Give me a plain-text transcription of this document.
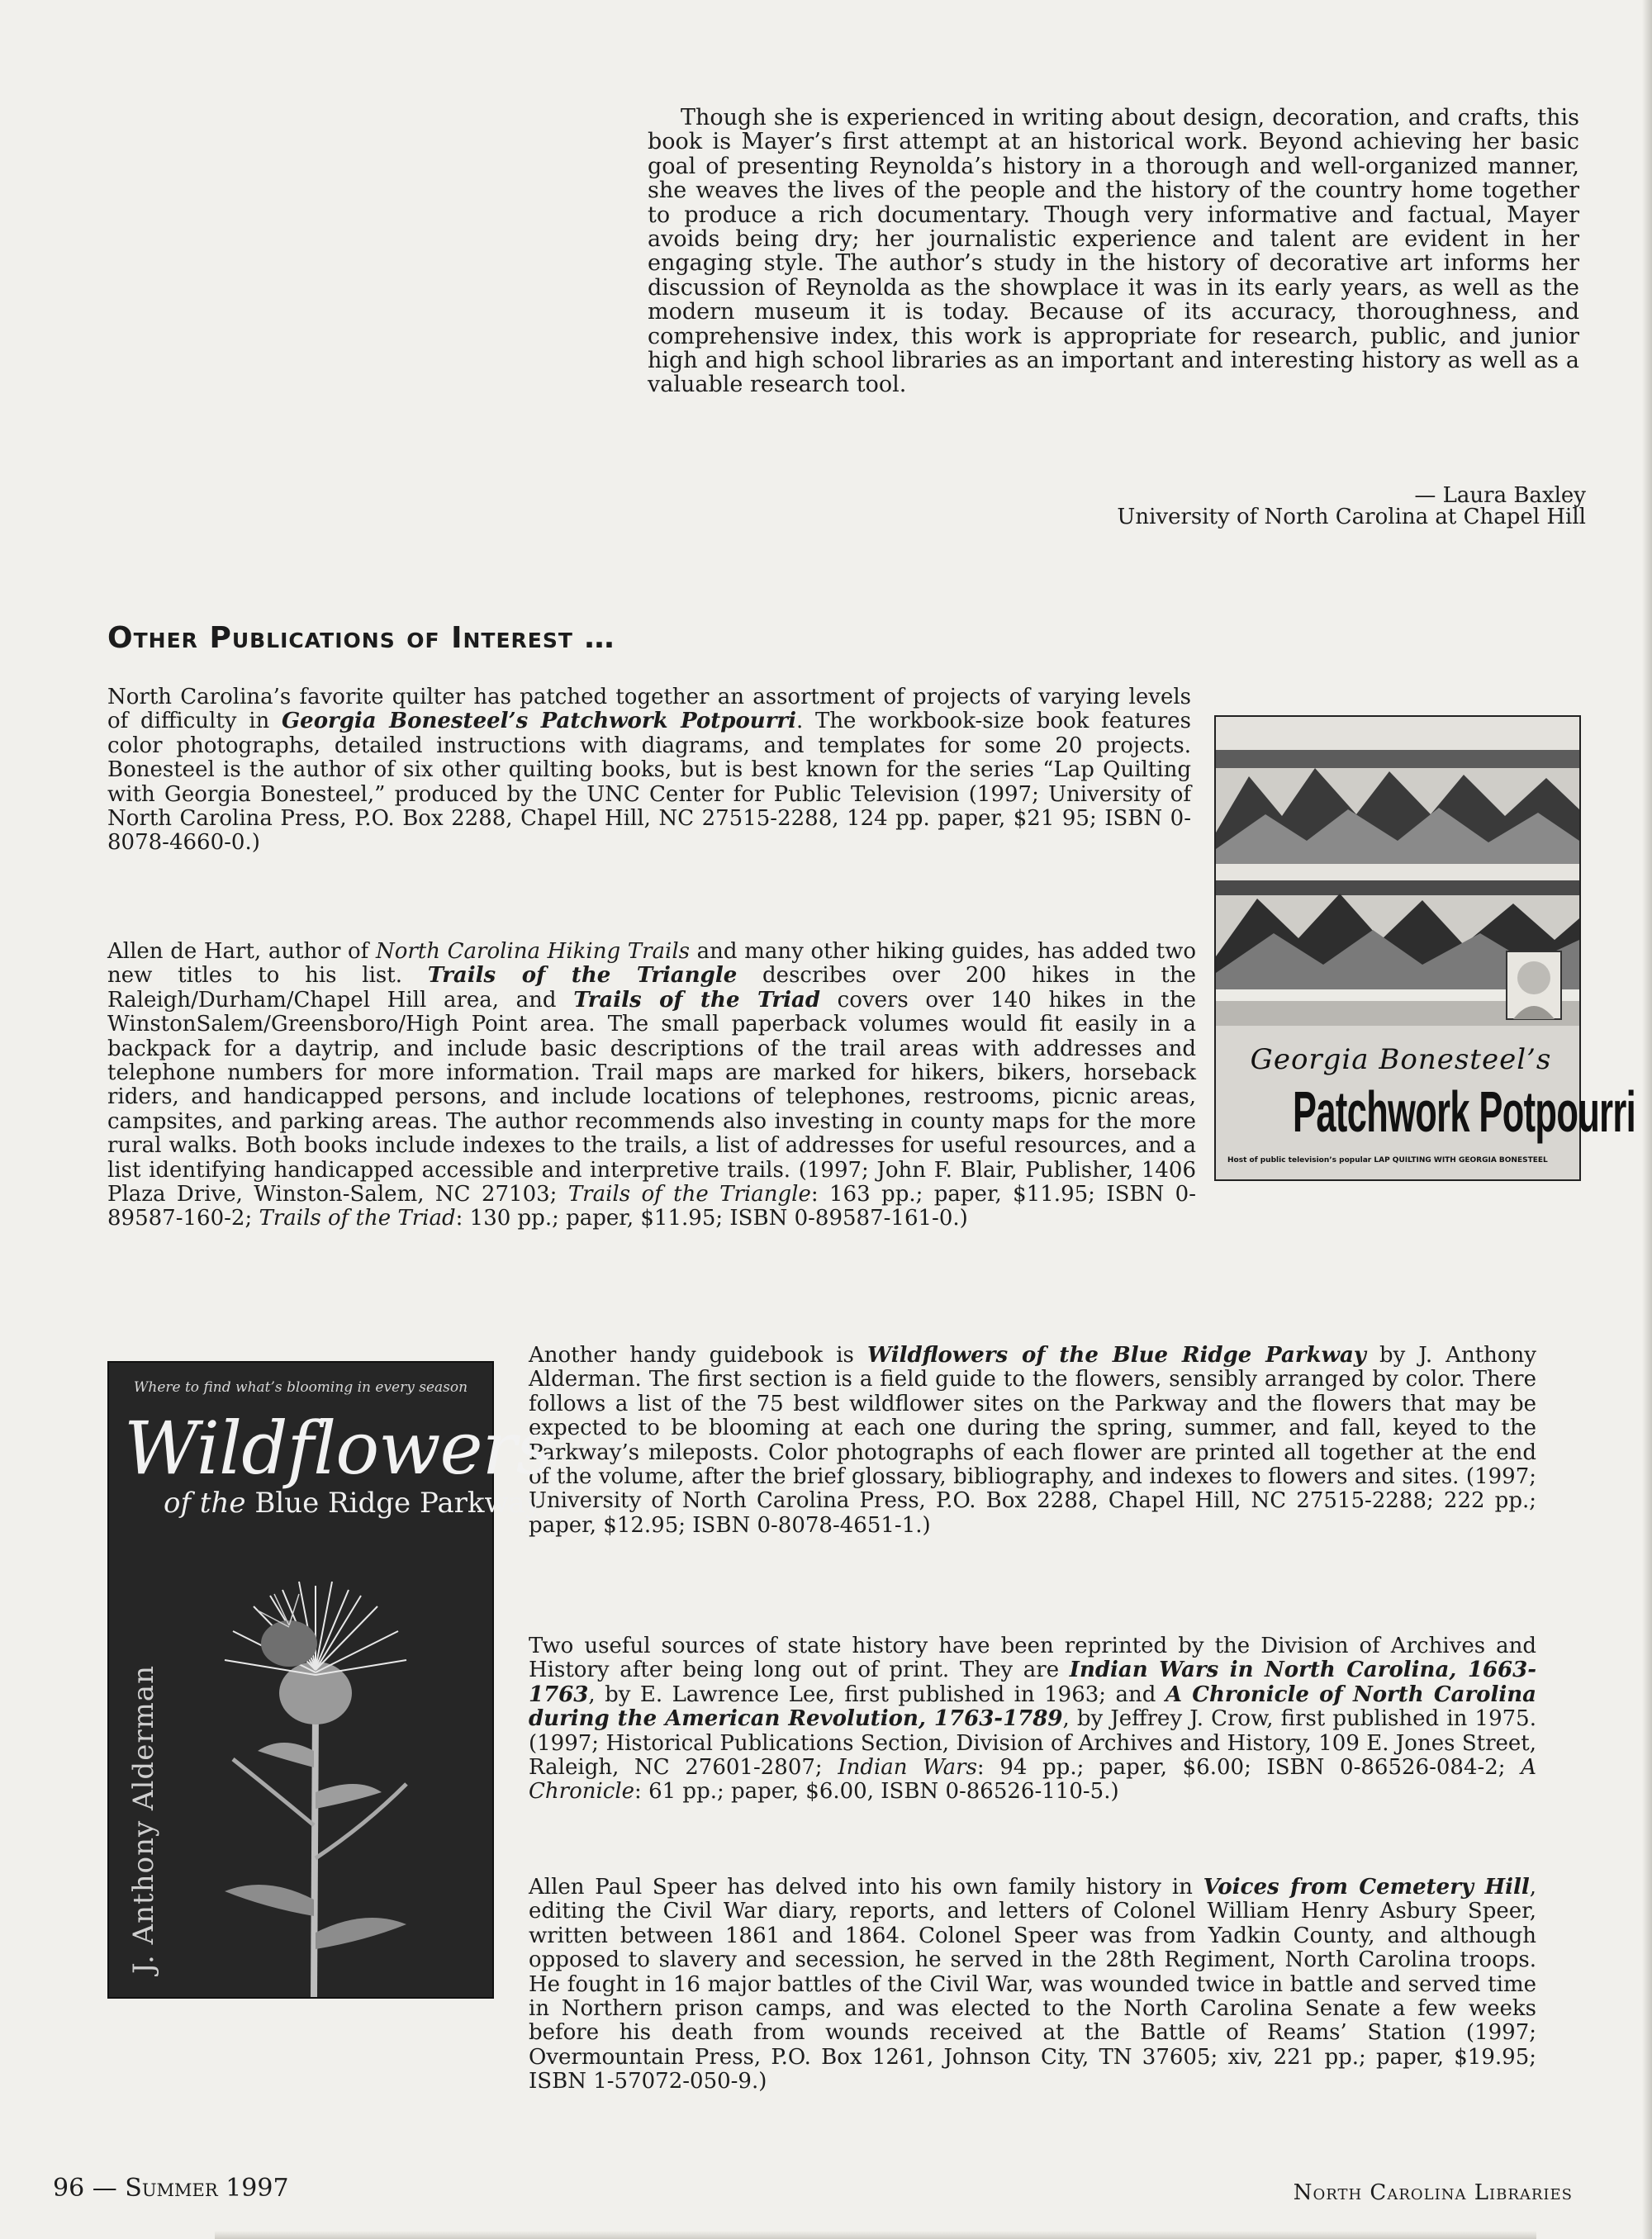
Though she is experienced in writing about design, decoration, and crafts, this book is Mayer’s first attempt at an historical work. Beyond achieving her basic goal of presenting Reynolda’s history in a thorough and well-organized manner, she weaves the lives of the people and the history of the country home together to produce a rich documentary. Though very informative and factual, Mayer avoids being dry; her journalistic experience and talent are evident in her engaging style. The author’s study in the history of decorative art informs her discussion of Reynolda as the showplace it was in its early years, as well as the modern museum it is today. Because of its accuracy, thoroughness, and comprehensive index, this work is appropriate for research, public, and junior high and high school libraries as an important and interesting history as well as a valuable research tool.

— Laura Baxley

University of North Carolina at Chapel Hill

Other Publications of Interest …

North Carolina’s favorite quilter has patched together an assortment of projects of varying levels of difficulty in Georgia Bonesteel’s Patchwork Potpourri. The workbook-size book features color photographs, detailed instructions with diagrams, and templates for some 20 projects. Bonesteel is the author of six other quilting books, but is best known for the series “Lap Quilting with Georgia Bonesteel,” produced by the UNC Center for Public Television (1997; University of North Carolina Press, P.O. Box 2288, Chapel Hill, NC 27515-2288, 124 pp. paper, $21 95; ISBN 0-8078-4660-0.)

Allen de Hart, author of North Carolina Hiking Trails and many other hiking guides, has added two new titles to his list. Trails of the Triangle describes over 200 hikes in the Raleigh/Durham/Chapel Hill area, and Trails of the Triad covers over 140 hikes in the WinstonSalem/Greensboro/High Point area. The small paperback volumes would fit easily in a backpack for a daytrip, and include basic descriptions of the trail areas with addresses and telephone numbers for more information. Trail maps are marked for hikers, bikers, horseback riders, and handicapped persons, and include locations of telephones, restrooms, picnic areas, campsites, and parking areas. The author recommends also investing in county maps for the more rural walks. Both books include indexes to the trails, a list of addresses for useful resources, and a list identifying handicapped accessible and interpretive trails. (1997; John F. Blair, Publisher, 1406 Plaza Drive, Winston-Salem, NC 27103; Trails of the Triangle: 163 pp.; paper, $11.95; ISBN 0-89587-160-2; Trails of the Triad: 130 pp.; paper, $11.95; ISBN 0-89587-161-0.)

Another handy guidebook is Wildflowers of the Blue Ridge Parkway by J. Anthony Alderman. The first section is a field guide to the flowers, sensibly arranged by color. There follows a list of the 75 best wildflower sites on the Parkway and the flowers that may be expected to be blooming at each one during the spring, summer, and fall, keyed to the Parkway’s mileposts. Color photographs of each flower are printed all together at the end of the volume, after the brief glossary, bibliography, and indexes to flowers and sites. (1997; University of North Carolina Press, P.O. Box 2288, Chapel Hill, NC 27515-2288; 222 pp.; paper, $12.95; ISBN 0-8078-4651-1.)

Two useful sources of state history have been reprinted by the Division of Archives and History after being long out of print. They are Indian Wars in North Carolina, 1663-1763, by E. Lawrence Lee, first published in 1963; and A Chronicle of North Carolina during the American Revolution, 1763-1789, by Jeffrey J. Crow, first published in 1975. (1997; Historical Publications Section, Division of Archives and History, 109 E. Jones Street, Raleigh, NC 27601-2807; Indian Wars: 94 pp.; paper, $6.00; ISBN 0-86526-084-2; A Chronicle: 61 pp.; paper, $6.00, ISBN 0-86526-110-5.)

Allen Paul Speer has delved into his own family history in Voices from Cemetery Hill, editing the Civil War diary, reports, and letters of Colonel William Henry Asbury Speer, written between 1861 and 1864. Colonel Speer was from Yadkin County, and although opposed to slavery and secession, he served in the 28th Regiment, North Carolina troops. He fought in 16 major battles of the Civil War, was wounded twice in battle and served time in Northern prison camps, and was elected to the North Carolina Senate a few weeks before his death from wounds received at the Battle of Reams’ Station (1997; Overmountain Press, P.O. Box 1261, Johnson City, TN 37605; xiv, 221 pp.; paper, $19.95; ISBN 1-57072-050-9.)

Georgia Bonesteel’s
Patchwork Potpourri
Host of public television’s popular LAP QUILTING WITH GEORGIA BONESTEEL
Where to find what’s blooming in every season
Wildflowers
of the Blue Ridge Parkway
J. Anthony Alderman

96 — Summer 1997	North Carolina Libraries
